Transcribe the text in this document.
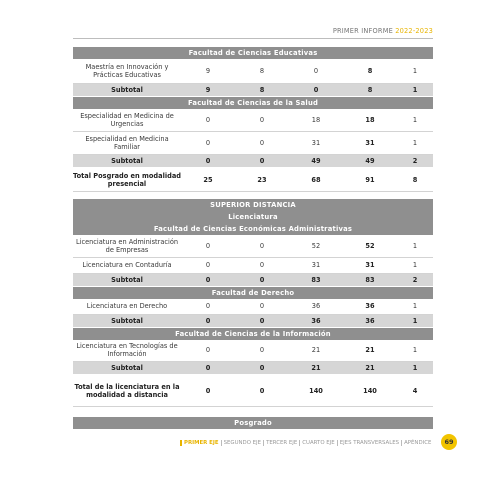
PRIMER INFORME 2022-2023
Facultad de Ciencias Educativas					
Maestría en Innovación y Prácticas Educativas	9	8	0	8	1
Subtotal	9	8	0	8	1
Facultad de Ciencias de la Salud					
Especialidad en Medicina de Urgencias	0	0	18	18	1
Especialidad en Medicina Familiar	0	0	31	31	1
Subtotal	0	0	49	49	2
Total Posgrado en modalidad presencial	25	23	68	91	8
SUPERIOR DISTANCIA					
Licenciatura					
Facultad de Ciencias Económicas Administrativas					
Licenciatura en Administración de Empresas	0	0	52	52	1
Licenciatura en Contaduría	0	0	31	31	1
Subtotal	0	0	83	83	2
Facultad de Derecho					
Licenciatura en Derecho	0	0	36	36	1
Subtotal	0	0	36	36	1
Facultad de Ciencias de la Información					
Licenciatura en Tecnologías de Información	0	0	21	21	1
Subtotal	0	0	21	21	1
Total de la licenciatura en la modalidad a distancia	0	0	140	140	4

Posgrado					
PRIMER EJE SEGUNDO EJE TERCER EJE CUARTO EJE EJES TRANSVERSALES APÉNDICE	69
